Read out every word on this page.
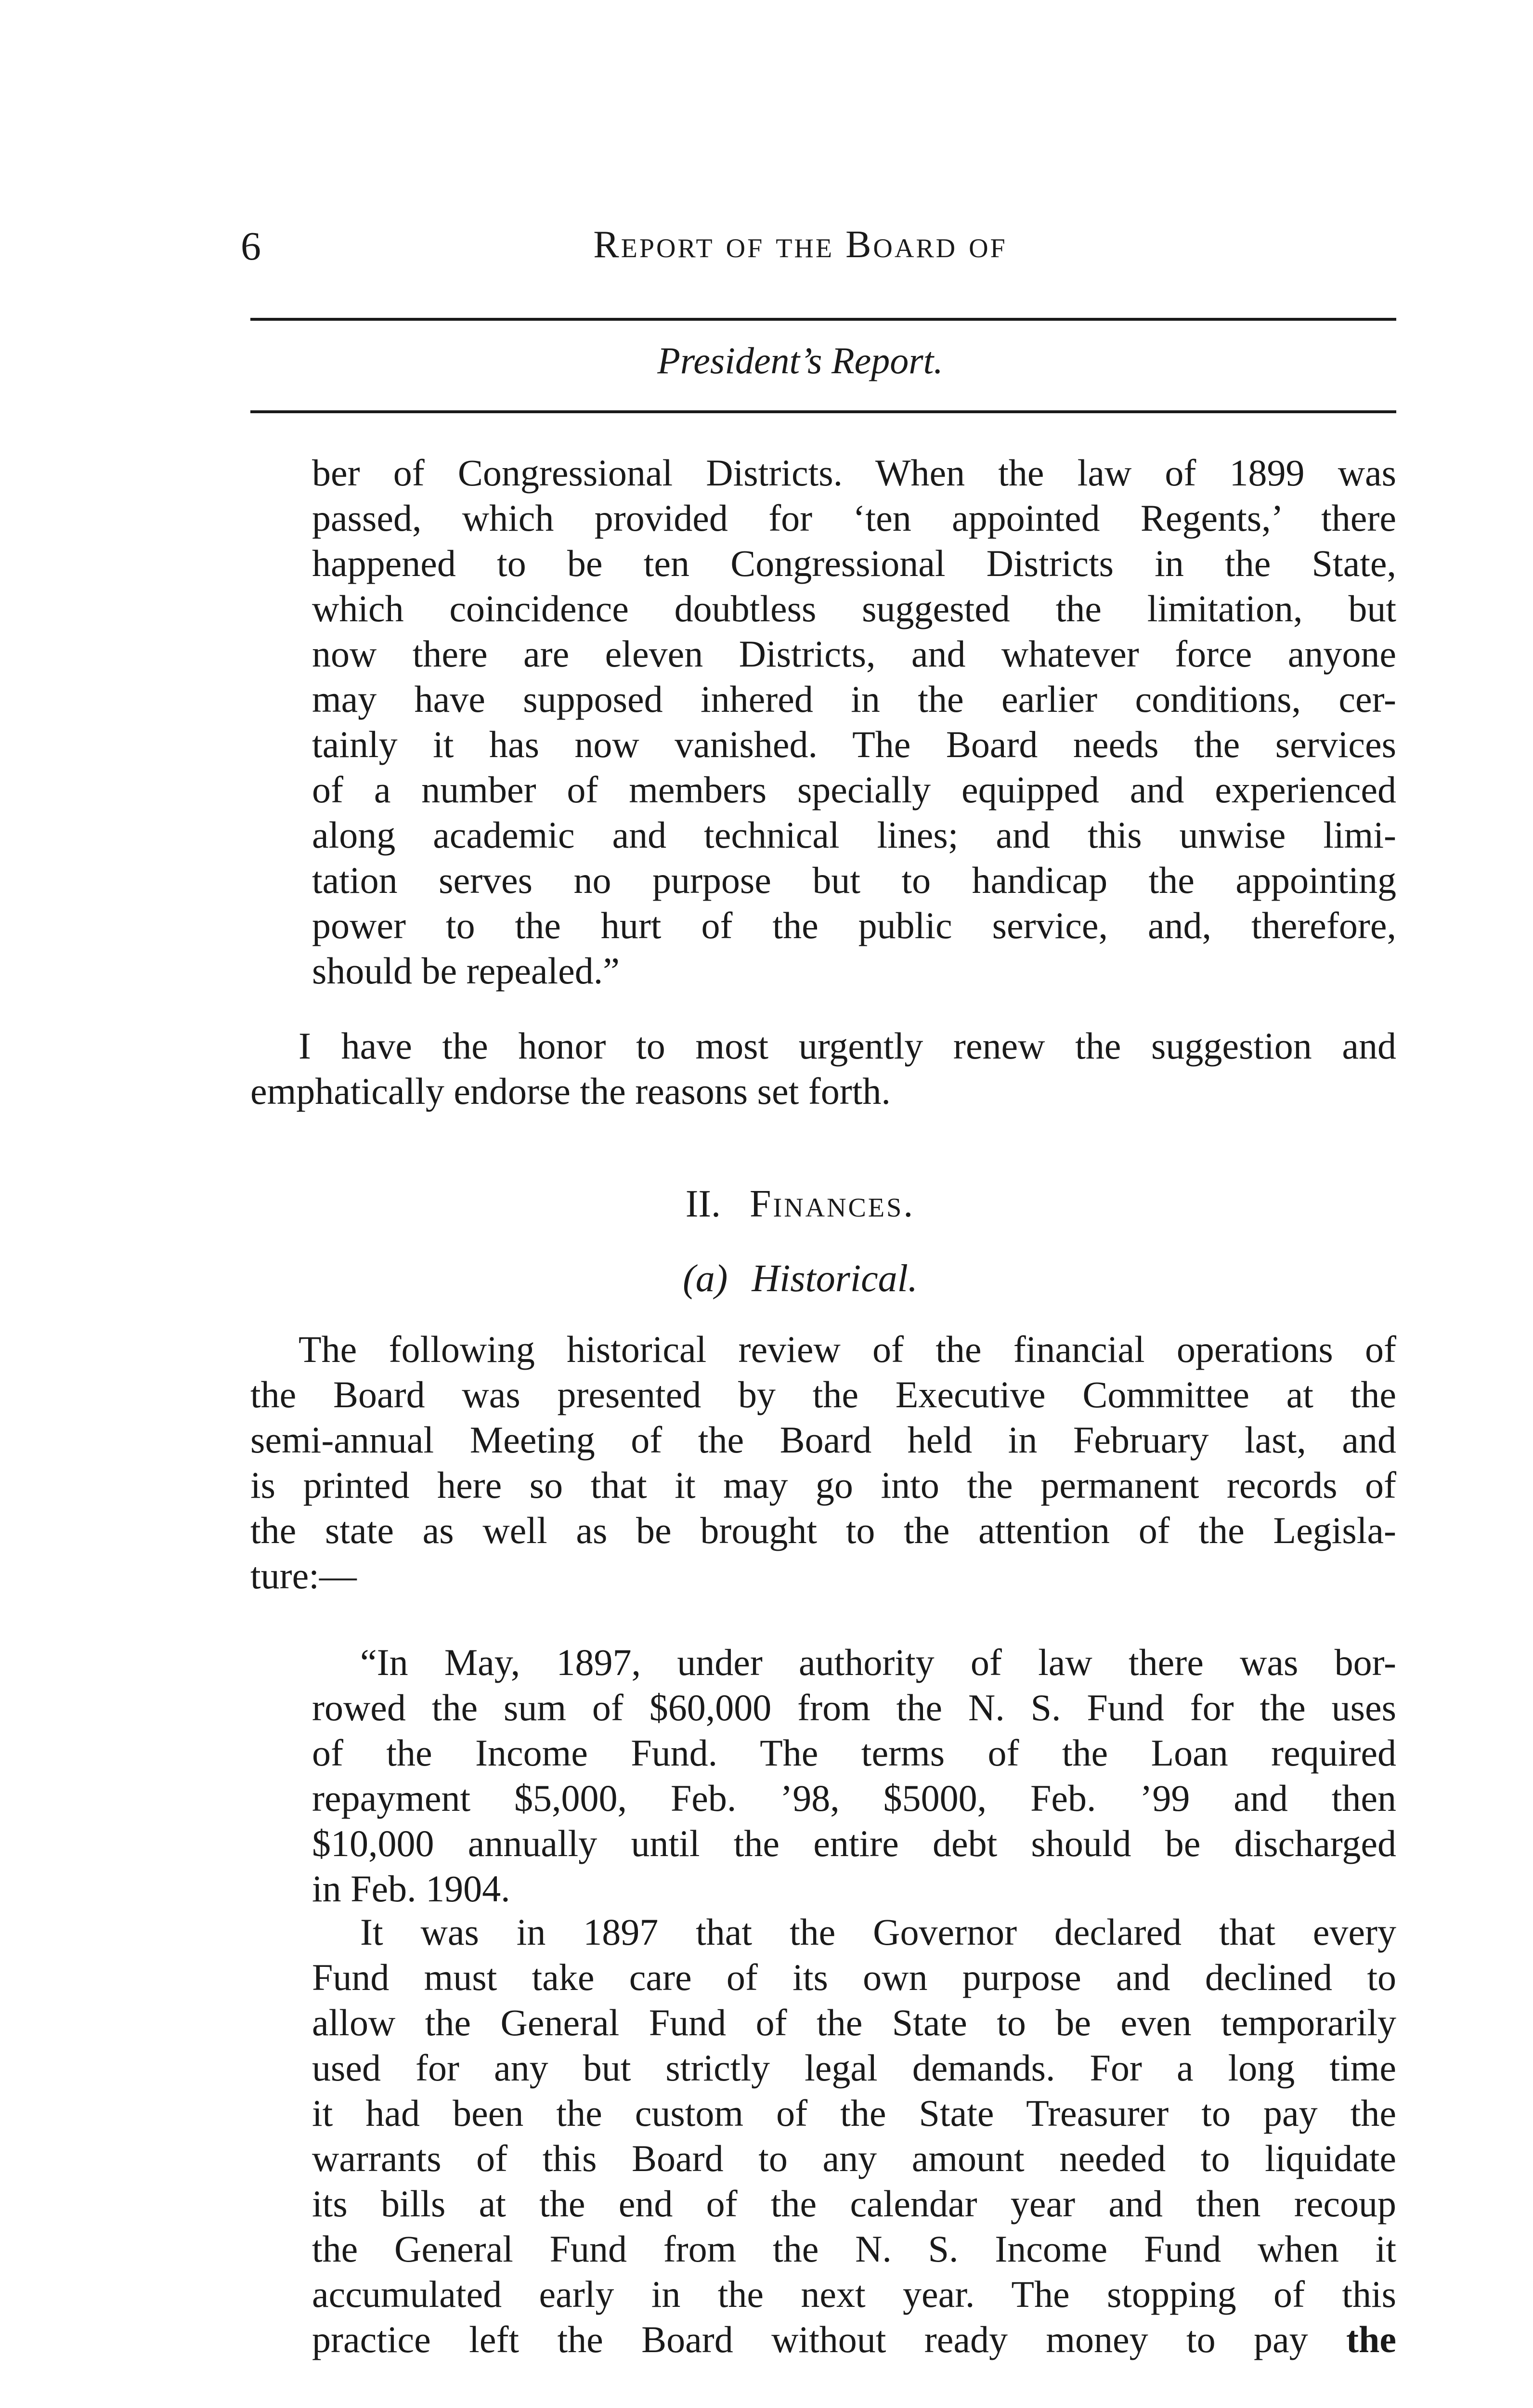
6	Report of the Board of
President’s Report.
ber of Congressional Districts. When the law of 1899 was
passed, which provided for ‘ten appointed Regents,’ there
happened to be ten Congressional Districts in the State,
which coincidence doubtless suggested the limitation, but
now there are eleven Districts, and whatever force anyone
may have supposed inhered in the earlier conditions, cer-
tainly it has now vanished. The Board needs the services
of a number of members specially equipped and experienced
along academic and technical lines; and this unwise limi-
tation serves no purpose but to handicap the appointing
power to the hurt of the public service, and, therefore,
should be repealed.”
I have the honor to most urgently renew the suggestion and
emphatically endorse the reasons set forth.
II. Finances.
(a) Historical.
The following historical review of the financial operations of
the Board was presented by the Executive Committee at the
semi-annual Meeting of the Board held in February last, and
is printed here so that it may go into the permanent records of
the state as well as be brought to the attention of the Legisla-
ture:—
“In May, 1897, under authority of law there was bor-
rowed the sum of $60,000 from the N. S. Fund for the uses
of the Income Fund. The terms of the Loan required
repayment $5,000, Feb. ’98, $5000, Feb. ’99 and then
$10,000 annually until the entire debt should be discharged
in Feb. 1904.
It was in 1897 that the Governor declared that every
Fund must take care of its own purpose and declined to
allow the General Fund of the State to be even temporarily
used for any but strictly legal demands. For a long time
it had been the custom of the State Treasurer to pay the
warrants of this Board to any amount needed to liquidate
its bills at the end of the calendar year and then recoup
the General Fund from the N. S. Income Fund when it
accumulated early in the next year. The stopping of this
practice left the Board without ready money to pay the
